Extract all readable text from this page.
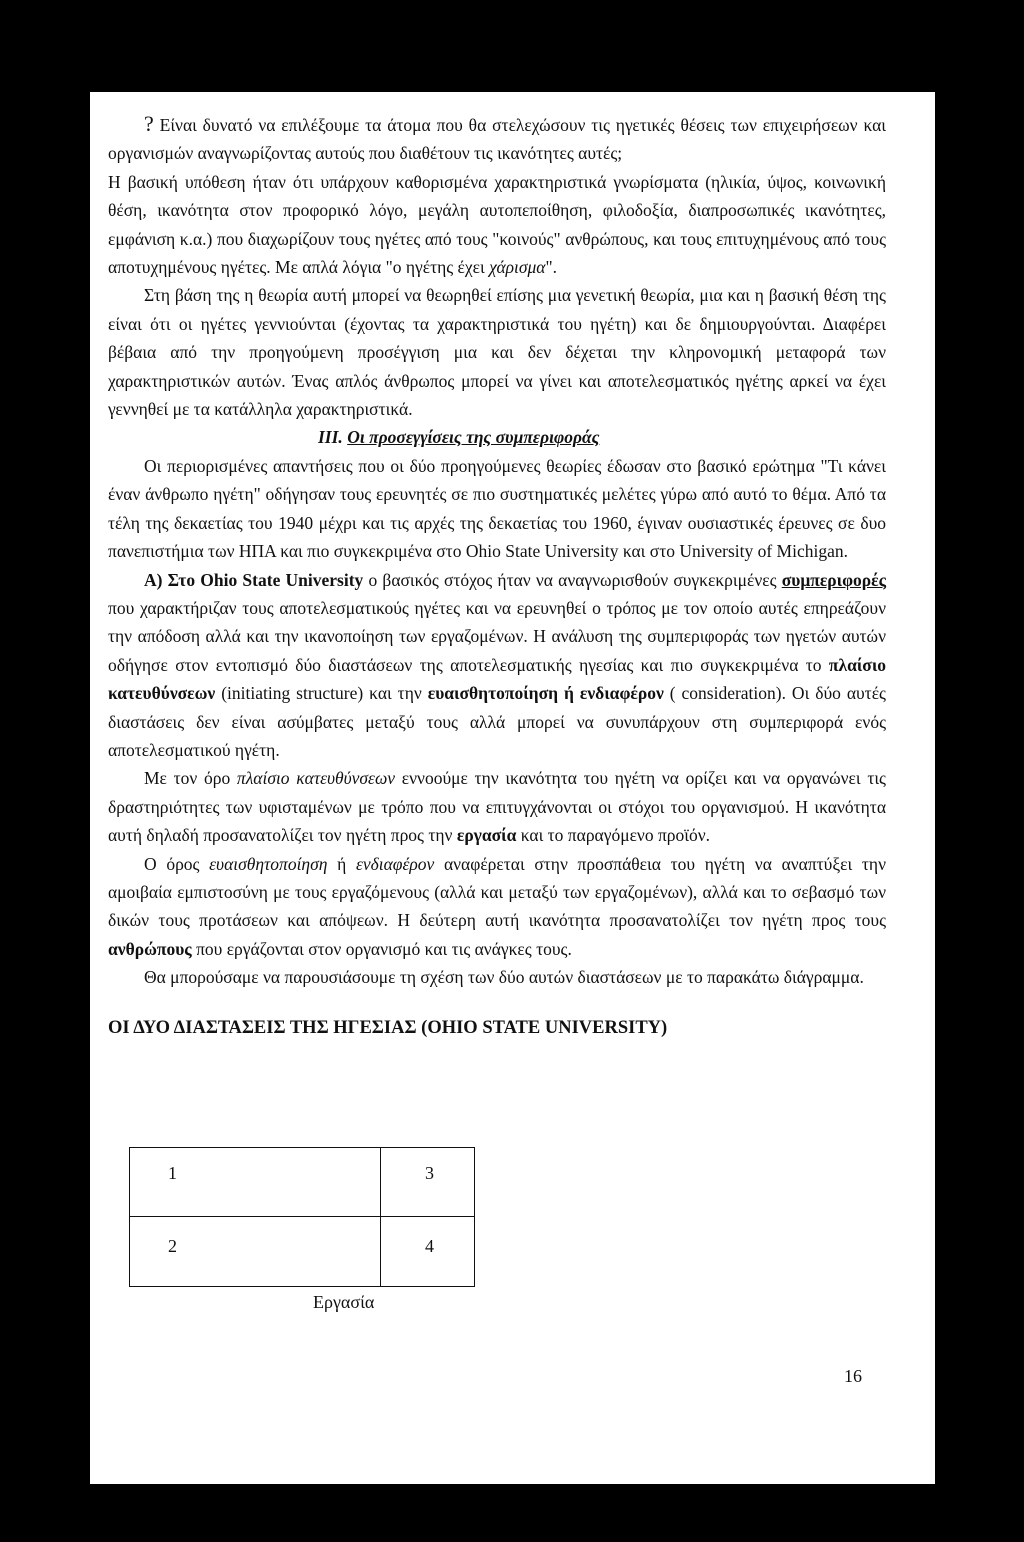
? Είναι δυνατό να επιλέξουμε τα άτομα που θα στελεχώσουν τις ηγετικές θέσεις των επιχειρήσεων και οργανισμών αναγνωρίζοντας αυτούς που διαθέτουν τις ικανότητες αυτές;

Η βασική υπόθεση ήταν ότι υπάρχουν καθορισμένα χαρακτηριστικά γνωρίσματα (ηλικία, ύψος, κοινωνική θέση, ικανότητα στον προφορικό λόγο, μεγάλη αυτοπεποίθηση, φιλοδοξία, διαπροσωπικές ικανότητες, εμφάνιση κ.α.) που διαχωρίζουν τους ηγέτες από τους "κοινούς" ανθρώπους, και τους επιτυχημένους από τους αποτυχημένους ηγέτες. Με απλά λόγια "ο ηγέτης έχει χάρισμα".

Στη βάση της η θεωρία αυτή μπορεί να θεωρηθεί επίσης μια γενετική θεωρία, μια και η βασική θέση της είναι ότι οι ηγέτες γεννιούνται (έχοντας τα χαρακτηριστικά του ηγέτη) και δε δημιουργούνται. Διαφέρει βέβαια από την προηγούμενη προσέγγιση μια και δεν δέχεται την κληρονομική μεταφορά των χαρακτηριστικών αυτών. Ένας απλός άνθρωπος μπορεί να γίνει και αποτελεσματικός ηγέτης αρκεί να έχει γεννηθεί με τα κατάλληλα χαρακτηριστικά.

ΙΙΙ. Οι προσεγγίσεις της συμπεριφοράς

Οι περιορισμένες απαντήσεις που οι δύο προηγούμενες θεωρίες έδωσαν στο βασικό ερώτημα "Τι κάνει έναν άνθρωπο ηγέτη" οδήγησαν τους ερευνητές σε πιο συστηματικές μελέτες γύρω από αυτό το θέμα. Από τα τέλη της δεκαετίας του 1940 μέχρι και τις αρχές της δεκαετίας του 1960, έγιναν ουσιαστικές έρευνες σε δυο πανεπιστήμια των ΗΠΑ και πιο συγκεκριμένα στο Ohio State University και στο University of Michigan.

Α) Στο Ohio State University ο βασικός στόχος ήταν να αναγνωρισθούν συγκεκριμένες συμπεριφορές που χαρακτήριζαν τους αποτελεσματικούς ηγέτες και να ερευνηθεί ο τρόπος με τον οποίο αυτές επηρεάζουν την απόδοση αλλά και την ικανοποίηση των εργαζομένων. Η ανάλυση της συμπεριφοράς των ηγετών αυτών οδήγησε στον εντοπισμό δύο διαστάσεων της αποτελεσματικής ηγεσίας και πιο συγκεκριμένα το πλαίσιο κατευθύνσεων (initiating structure) και την ευαισθητοποίηση ή ενδιαφέρον ( consideration). Οι δύο αυτές διαστάσεις δεν είναι ασύμβατες μεταξύ τους αλλά μπορεί να συνυπάρχουν στη συμπεριφορά ενός αποτελεσματικού ηγέτη.

Με τον όρο πλαίσιο κατευθύνσεων εννοούμε την ικανότητα του ηγέτη να ορίζει και να οργανώνει τις δραστηριότητες των υφισταμένων με τρόπο που να επιτυγχάνονται οι στόχοι του οργανισμού. Η ικανότητα αυτή δηλαδή προσανατολίζει τον ηγέτη προς την εργασία και το παραγόμενο προϊόν.

Ο όρος ευαισθητοποίηση ή ενδιαφέρον αναφέρεται στην προσπάθεια του ηγέτη να αναπτύξει την αμοιβαία εμπιστοσύνη με τους εργαζόμενους (αλλά και μεταξύ των εργαζομένων), αλλά και το σεβασμό των δικών τους προτάσεων και απόψεων. Η δεύτερη αυτή ικανότητα προσανατολίζει τον ηγέτη προς τους ανθρώπους που εργάζονται στον οργανισμό και τις ανάγκες τους.

Θα μπορούσαμε να παρουσιάσουμε τη σχέση των δύο αυτών διαστάσεων με το παρακάτω διάγραμμα.

ΟΙ ΔΥΟ ΔΙΑΣΤΑΣΕΙΣ ΤΗΣ ΗΓΕΣΙΑΣ (OHIO STATE UNIVERSITY)

1	3
2	4
Εργασία
16
